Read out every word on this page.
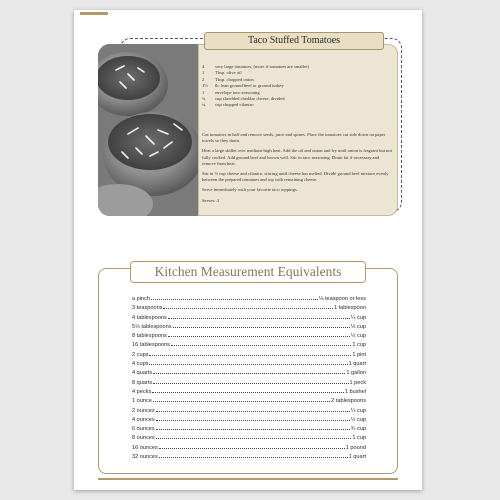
Taco Stuffed Tomatoes
4	very large tomatoes, (more if tomatoes are smaller)
1	Tbsp. olive oil
2	Tbsp. chopped onion
1½	lb. lean ground beef or ground turkey
1	envelope taco seasoning
¾	cup shredded cheddar cheese, divided
¼	cup chopped cilantro

Cut tomatoes in half and remove seeds, juice and spines. Place the tomatoes cut side down on paper towels so they drain.

Heat a large skillet over medium-high heat. Add the oil and onion and fry until onion is fragrant but not fully cooked. Add ground beef and brown well. Stir in taco seasoning. Drain fat if necessary and remove from heat.

Stir in ½ cup cheese and cilantro, stirring until cheese has melted. Divide ground beef mixture evenly between the prepared tomatoes and top with remaining cheese.

Serve immediately with your favorite taco toppings.

Serves: 4

Kitchen Measurement Equivalents
a pinch	⅛ teaspoon or less
3 teaspoons	1 tablespoon
4 tablespoons	¼ cup
5⅓ tablespoons	⅓ cup
8 tablespoons	½ cup
16 tablespoons	1 cup
2 cups	1 pint
4 cups	1 quart
4 quarts	1 gallon
8 quarts	1 peck
4 pecks	1 bushel
1 ounce	2 tablespoons
2 ounces	¼ cup
4 ounces	½ cup
6 ounces	¾ cup
8 ounces	1 cup
16 ounces	1 pound
32 ounces	1 quart
